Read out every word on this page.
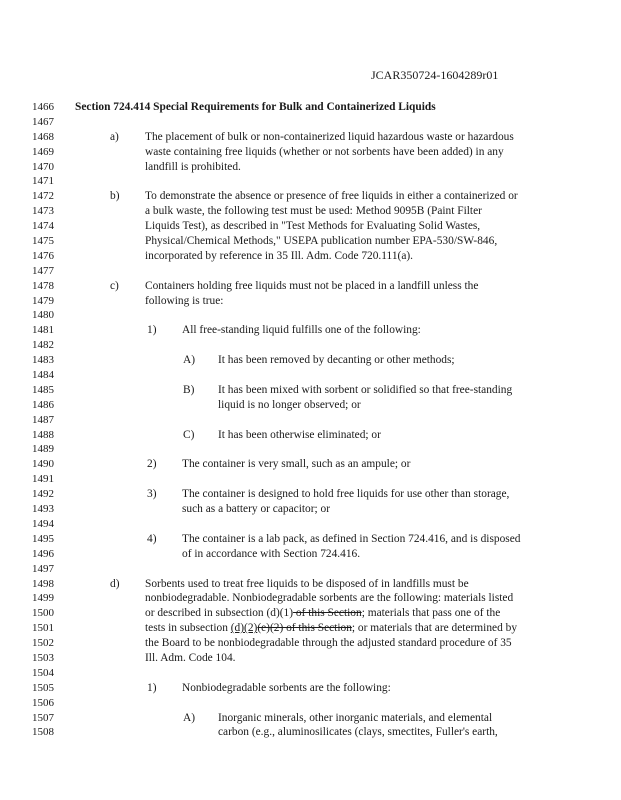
JCAR350724-1604289r01
1466	Section 724.414 Special Requirements for Bulk and Containerized Liquids
1467
1468	a) The placement of bulk or non-containerized liquid hazardous waste or hazardous
1469	waste containing free liquids (whether or not sorbents have been added) in any
1470	landfill is prohibited.
1471
1472	b) To demonstrate the absence or presence of free liquids in either a containerized or
1473	a bulk waste, the following test must be used: Method 9095B (Paint Filter
1474	Liquids Test), as described in "Test Methods for Evaluating Solid Wastes,
1475	Physical/Chemical Methods," USEPA publication number EPA-530/SW-846,
1476	incorporated by reference in 35 Ill. Adm. Code 720.111(a).
1477
1478	c) Containers holding free liquids must not be placed in a landfill unless the
1479	following is true:
1480
1481	1) All free-standing liquid fulfills one of the following:
1482
1483	A) It has been removed by decanting or other methods;
1484
1485	B) It has been mixed with sorbent or solidified so that free-standing
1486	liquid is no longer observed; or
1487
1488	C) It has been otherwise eliminated; or
1489
1490	2) The container is very small, such as an ampule; or
1491
1492	3) The container is designed to hold free liquids for use other than storage,
1493	such as a battery or capacitor; or
1494
1495	4) The container is a lab pack, as defined in Section 724.416, and is disposed
1496	of in accordance with Section 724.416.
1497
1498	d) Sorbents used to treat free liquids to be disposed of in landfills must be
1499	nonbiodegradable. Nonbiodegradable sorbents are the following: materials listed
1500	or described in subsection (d)(1) of this Section; materials that pass one of the
1501	tests in subsection (d)(2)(e)(2) of this Section; or materials that are determined by
1502	the Board to be nonbiodegradable through the adjusted standard procedure of 35
1503	Ill. Adm. Code 104.
1504
1505	1) Nonbiodegradable sorbents are the following:
1506
1507	A) Inorganic minerals, other inorganic materials, and elemental
1508	carbon (e.g., aluminosilicates (clays, smectites, Fuller's earth,
